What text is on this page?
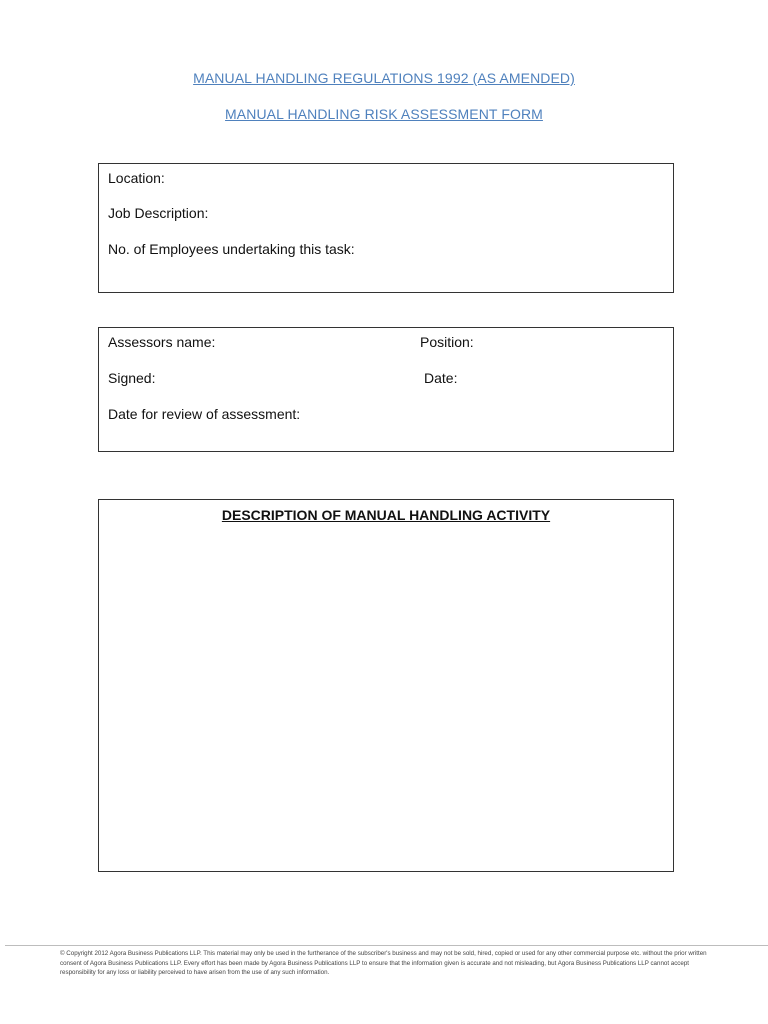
MANUAL HANDLING REGULATIONS 1992 (AS AMENDED)
MANUAL HANDLING RISK ASSESSMENT FORM
Location:
Job Description:
No. of Employees undertaking this task:
Assessors name:	Position:
Signed:	Date:
Date for review of assessment:
DESCRIPTION OF MANUAL HANDLING ACTIVITY
© Copyright 2012 Agora Business Publications LLP. This material may only be used in the furtherance of the subscriber's business and may not be sold, hired, copied or used for any other commercial purpose etc. without the prior written consent of Agora Business Publications LLP. Every effort has been made by Agora Business Publications LLP to ensure that the information given is accurate and not misleading, but Agora Business Publications LLP cannot accept responsibility for any loss or liability perceived to have arisen from the use of any such information.
